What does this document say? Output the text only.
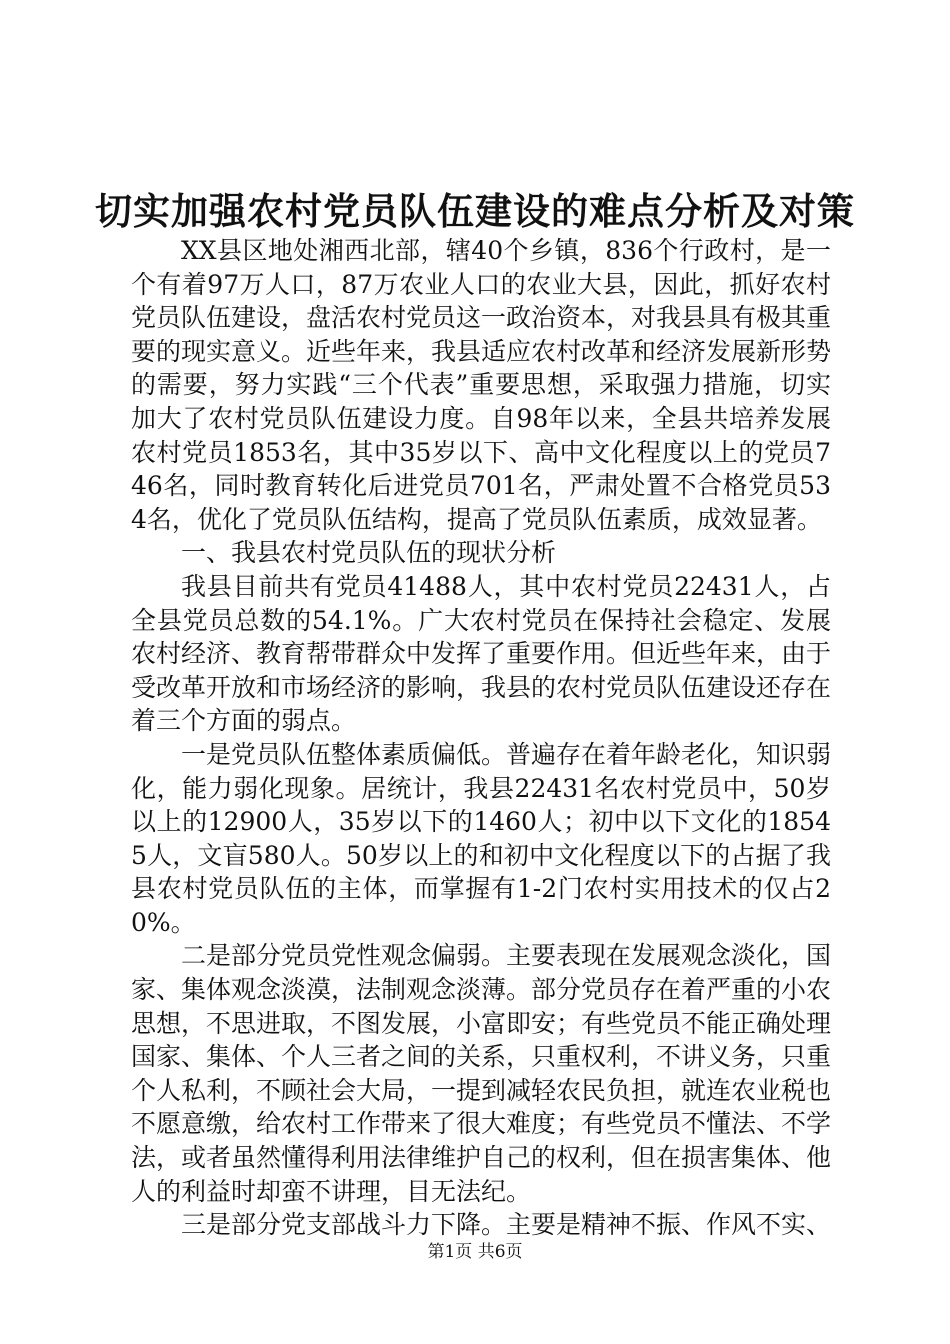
切实加强农村党员队伍建设的难点分析及对策

XX县区地处湘西北部，辖40个乡镇，836个行政村，是一个有着97万人口，87万农业人口的农业大县，因此，抓好农村党员队伍建设，盘活农村党员这一政治资本，对我县具有极其重要的现实意义。近些年来，我县适应农村改革和经济发展新形势的需要，努力实践“三个代表”重要思想，采取强力措施，切实加大了农村党员队伍建设力度。自98年以来，全县共培养发展农村党员1853名，其中35岁以下、高中文化程度以上的党员746名，同时教育转化后进党员701名，严肃处置不合格党员534名，优化了党员队伍结构，提高了党员队伍素质，成效显著。

一、我县农村党员队伍的现状分析

我县目前共有党员41488人，其中农村党员22431人，占全县党员总数的54.1%。广大农村党员在保持社会稳定、发展农村经济、教育帮带群众中发挥了重要作用。但近些年来，由于受改革开放和市场经济的影响，我县的农村党员队伍建设还存在着三个方面的弱点。

一是党员队伍整体素质偏低。普遍存在着年龄老化，知识弱化，能力弱化现象。居统计，我县22431名农村党员中，50岁以上的12900人，35岁以下的1460人；初中以下文化的18545人，文盲580人。50岁以上的和初中文化程度以下的占据了我县农村党员队伍的主体，而掌握有1-2门农村实用技术的仅占20%。

二是部分党员党性观念偏弱。主要表现在发展观念淡化，国家、集体观念淡漠，法制观念淡薄。部分党员存在着严重的小农思想，不思进取，不图发展，小富即安；有些党员不能正确处理国家、集体、个人三者之间的关系，只重权利，不讲义务，只重个人私利，不顾社会大局，一提到减轻农民负担，就连农业税也不愿意缴，给农村工作带来了很大难度；有些党员不懂法、不学法，或者虽然懂得利用法律维护自己的权利，但在损害集体、他人的利益时却蛮不讲理，目无法纪。

三是部分党支部战斗力下降。主要是精神不振、作风不实、

第1页 共6页
